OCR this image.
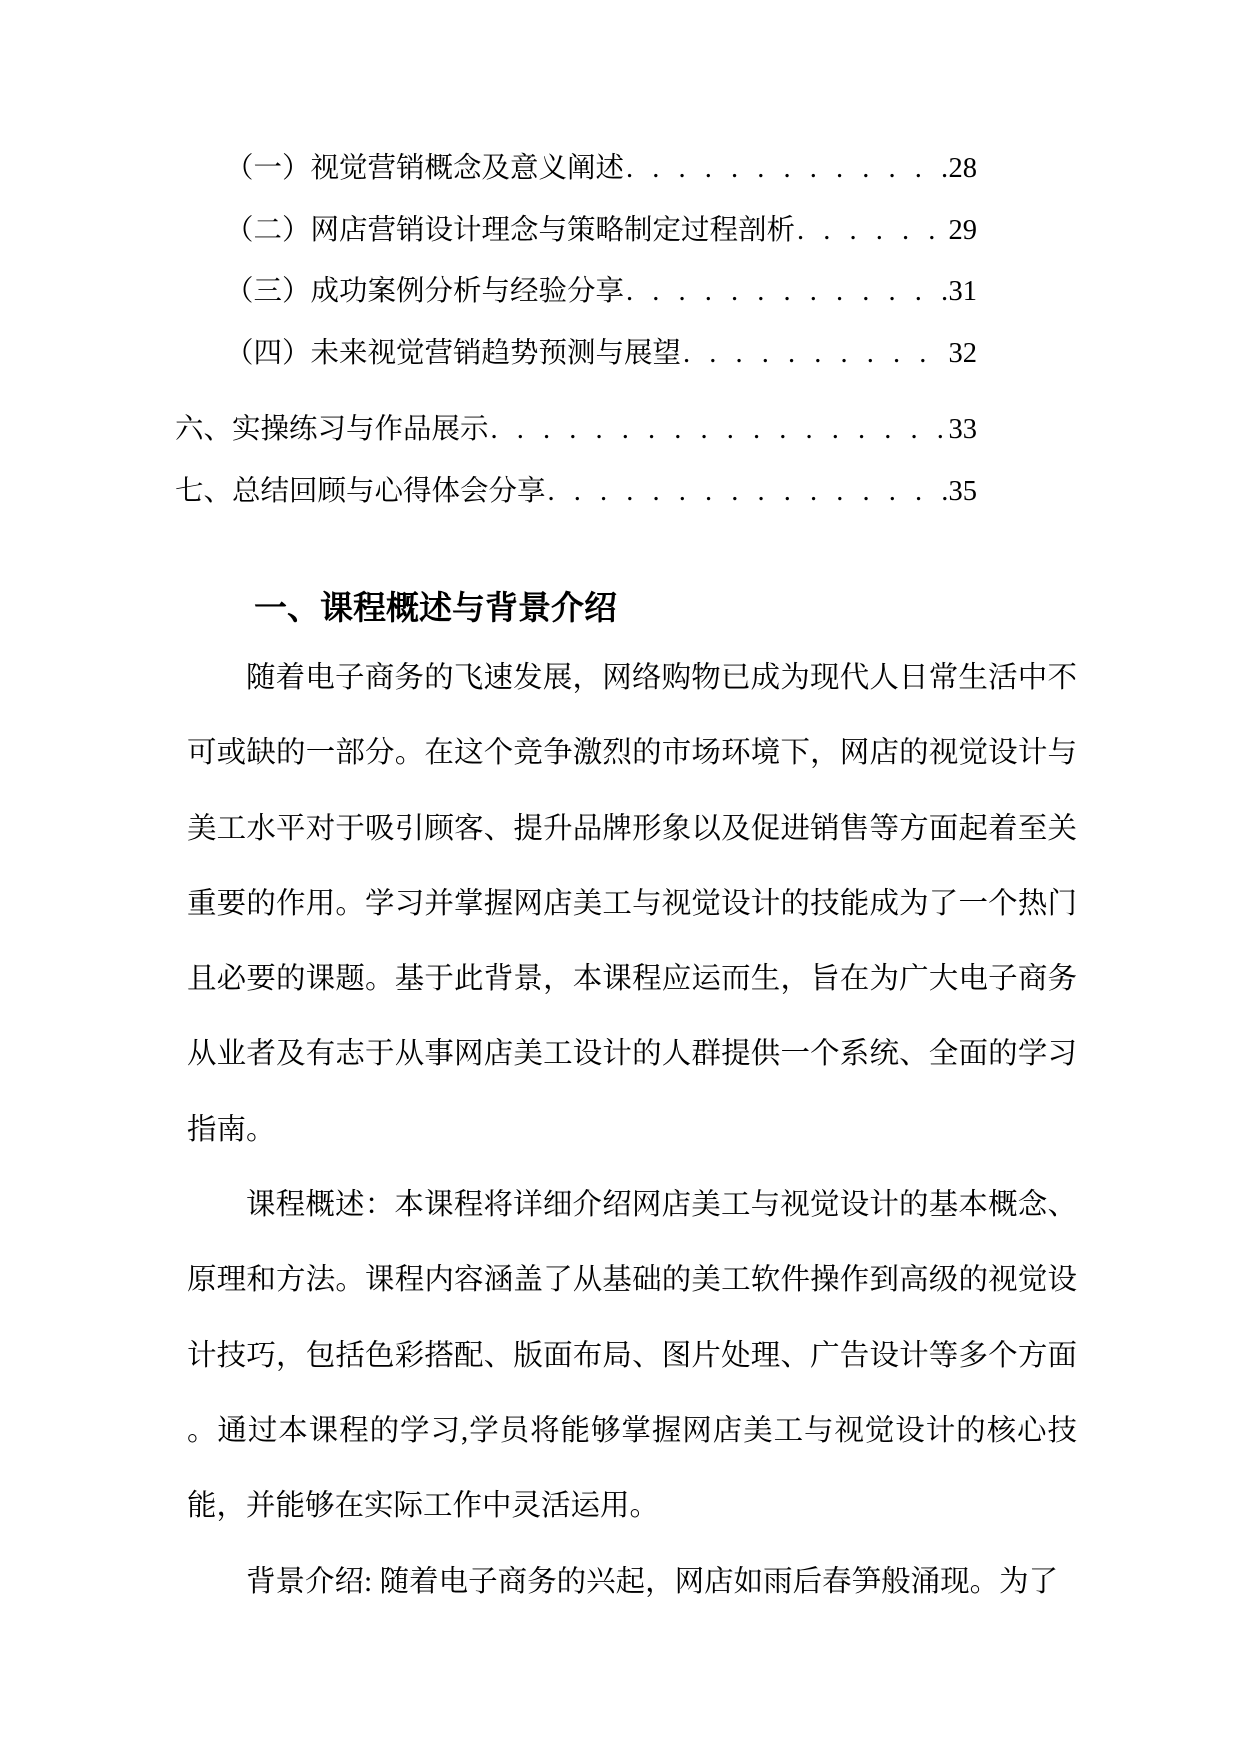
（一）视觉营销概念及意义阐述 . . .	28
（二）网店营销设计理念与策略制定过程剖析 . . .	29
（三）成功案例分析与经验分享 . . .	31
（四）未来视觉营销趋势预测与展望 . . .	32
六、实操练习与作品展示 . . .	33
七、总结回顾与心得体会分享 . . .	35
一、课程概述与背景介绍

随着电子商务的飞速发展，网络购物已成为现代人日常生活中不可或缺的一部分。在这个竞争激烈的市场环境下，网店的视觉设计与美工水平对于吸引顾客、提升品牌形象以及促进销售等方面起着至关重要的作用。学习并掌握网店美工与视觉设计的技能成为了一个热门且必要的课题。基于此背景，本课程应运而生，旨在为广大电子商务从业者及有志于从事网店美工设计的人群提供一个系统、全面的学习指南。

课程概述：本课程将详细介绍网店美工与视觉设计的基本概念、原理和方法。课程内容涵盖了从基础的美工软件操作到高级的视觉设计技巧，包括色彩搭配、版面布局、图片处理、广告设计等多个方面。通过本课程的学习,学员将能够掌握网店美工与视觉设计的核心技能，并能够在实际工作中灵活运用。

背景介绍: 随着电子商务的兴起，网店如雨后春笋般涌现。为了
